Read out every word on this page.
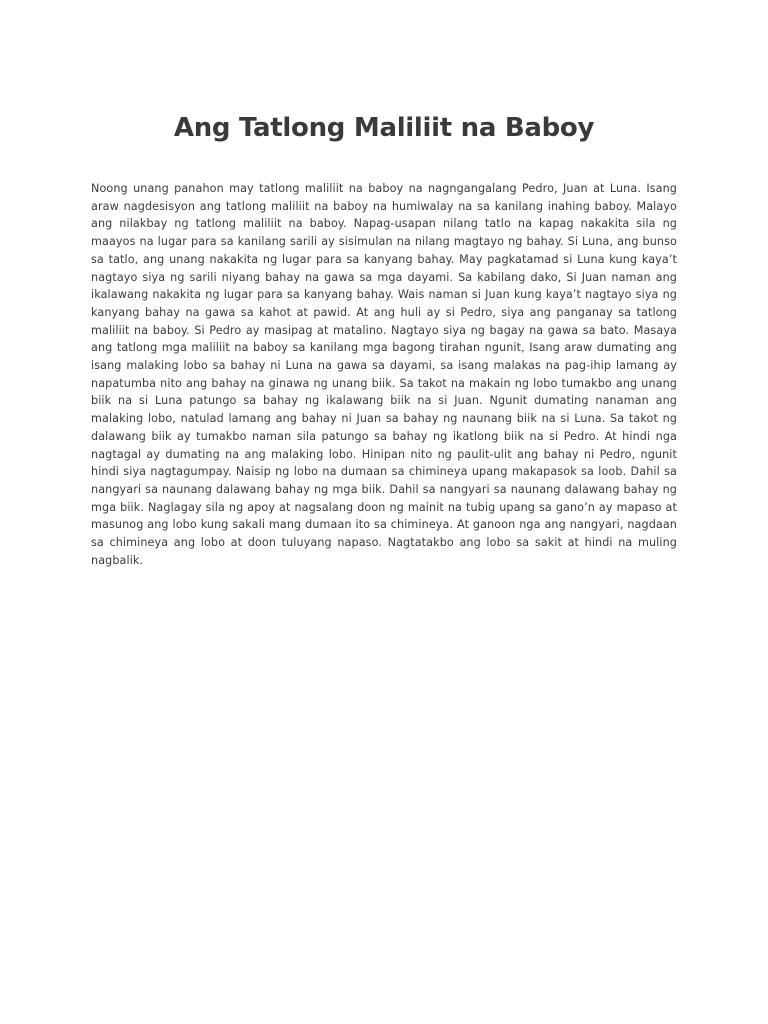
Ang Tatlong Maliliit na Baboy

Noong unang panahon may tatlong maliliit na baboy na nagngangalang Pedro, Juan at Luna. Isang araw nagdesisyon ang tatlong maliliit na baboy na humiwalay na sa kanilang inahing baboy. Malayo ang nilakbay ng tatlong maliliit na baboy. Napag-usapan nilang tatlo na kapag nakakita sila ng maayos na lugar para sa kanilang sarili ay sisimulan na nilang magtayo ng bahay. Si Luna, ang bunso sa tatlo, ang unang nakakita ng lugar para sa kanyang bahay. May pagkatamad si Luna kung kaya’t nagtayo siya ng sarili niyang bahay na gawa sa mga dayami. Sa kabilang dako, Si Juan naman ang ikalawang nakakita ng lugar para sa kanyang bahay. Wais naman si Juan kung kaya’t nagtayo siya ng kanyang bahay na gawa sa kahot at pawid. At ang huli ay si Pedro, siya ang panganay sa tatlong maliliit na baboy. Si Pedro ay masipag at matalino. Nagtayo siya ng bagay na gawa sa bato. Masaya ang tatlong mga maliliit na baboy sa kanilang mga bagong tirahan ngunit, Isang araw dumating ang isang malaking lobo sa bahay ni Luna na gawa sa dayami, sa isang malakas na pag-ihip lamang ay napatumba nito ang bahay na ginawa ng unang biik. Sa takot na makain ng lobo tumakbo ang unang biik na si Luna patungo sa bahay ng ikalawang biik na si Juan. Ngunit dumating nanaman ang malaking lobo, natulad lamang ang bahay ni Juan sa bahay ng naunang biik na si Luna. Sa takot ng dalawang biik ay tumakbo naman sila patungo sa bahay ng ikatlong biik na si Pedro. At hindi nga nagtagal ay dumating na ang malaking lobo. Hinipan nito ng paulit-ulit ang bahay ni Pedro, ngunit hindi siya nagtagumpay. Naisip ng lobo na dumaan sa chimineya upang makapasok sa loob. Dahil sa nangyari sa naunang dalawang bahay ng mga biik. Dahil sa nangyari sa naunang dalawang bahay ng mga biik. Naglagay sila ng apoy at nagsalang doon ng mainit na tubig upang sa gano’n ay mapaso at masunog ang lobo kung sakali mang dumaan ito sa chimineya. At ganoon nga ang nangyari, nagdaan sa chimineya ang lobo at doon tuluyang napaso. Nagtatakbo ang lobo sa sakit at hindi na muling nagbalik.
